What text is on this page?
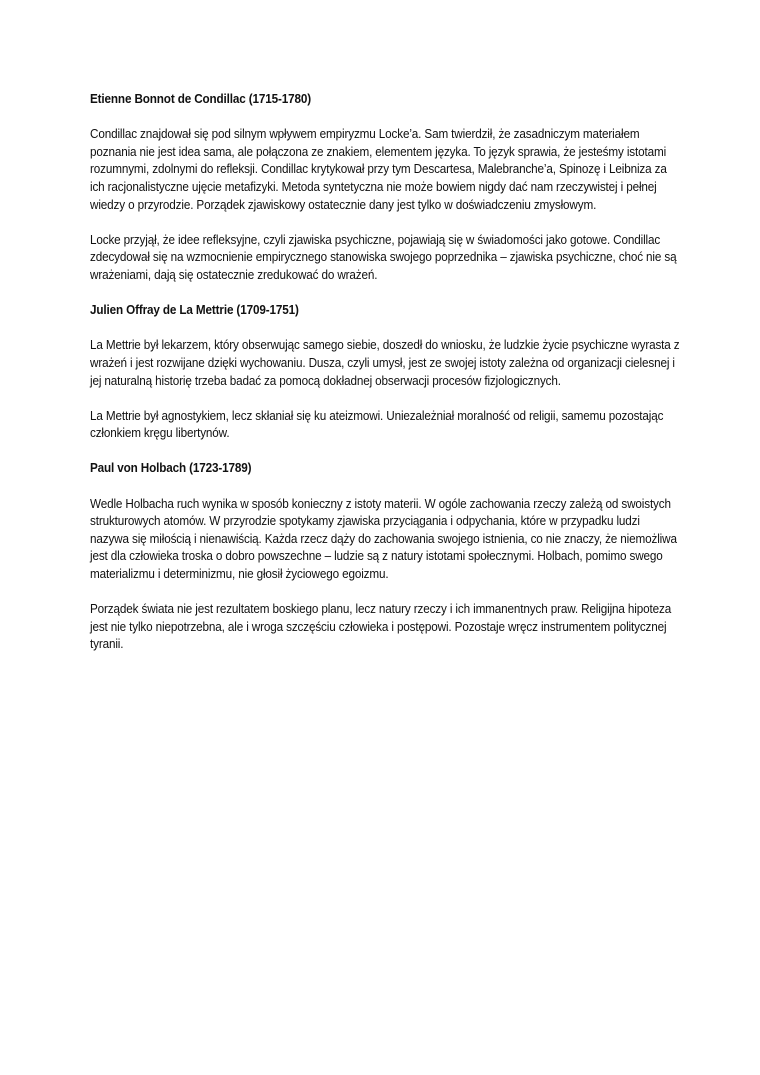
Etienne Bonnot de Condillac (1715-1780)
Condillac znajdował się pod silnym wpływem empiryzmu Locke’a. Sam twierdził, że zasadniczym materiałem poznania nie jest idea sama, ale połączona ze znakiem, elementem języka. To język sprawia, że jesteśmy istotami rozumnymi, zdolnymi do refleksji. Condillac krytykował przy tym Descartesa, Malebranche’a, Spinozę i Leibniza za ich racjonalistyczne ujęcie metafizyki. Metoda syntetyczna nie może bowiem nigdy dać nam rzeczywistej i pełnej wiedzy o przyrodzie. Porządek zjawiskowy ostatecznie dany jest tylko w doświadczeniu zmysłowym.
Locke przyjął, że idee refleksyjne, czyli zjawiska psychiczne, pojawiają się w świadomości jako gotowe. Condillac zdecydował się na wzmocnienie empirycznego stanowiska swojego poprzednika – zjawiska psychiczne, choć nie są wrażeniami, dają się ostatecznie zredukować do wrażeń.
Julien Offray de La Mettrie (1709-1751)
La Mettrie był lekarzem, który obserwując samego siebie, doszedł do wniosku, że ludzkie życie psychiczne wyrasta z wrażeń i jest rozwijane dzięki wychowaniu. Dusza, czyli umysł, jest ze swojej istoty zależna od organizacji cielesnej i jej naturalną historię trzeba badać za pomocą dokładnej obserwacji procesów fizjologicznych.
La Mettrie był agnostykiem, lecz skłaniał się ku ateizmowi. Uniezależniał moralność od religii, samemu pozostając członkiem kręgu libertynów.
Paul von Holbach (1723-1789)
Wedle Holbacha ruch wynika w sposób konieczny z istoty materii. W ogóle zachowania rzeczy zależą od swoistych strukturowych atomów. W przyrodzie spotykamy zjawiska przyciągania i odpychania, które w przypadku ludzi nazywa się miłością i nienawiścią. Każda rzecz dąży do zachowania swojego istnienia, co nie znaczy, że niemożliwa jest dla człowieka troska o dobro powszechne – ludzie są z natury istotami społecznymi. Holbach, pomimo swego materializmu i determinizmu, nie głosił życiowego egoizmu.
Porządek świata nie jest rezultatem boskiego planu, lecz natury rzeczy i ich immanentnych praw. Religijna hipoteza jest nie tylko niepotrzebna, ale i wroga szczęściu człowieka i postępowi. Pozostaje wręcz instrumentem politycznej tyranii.
